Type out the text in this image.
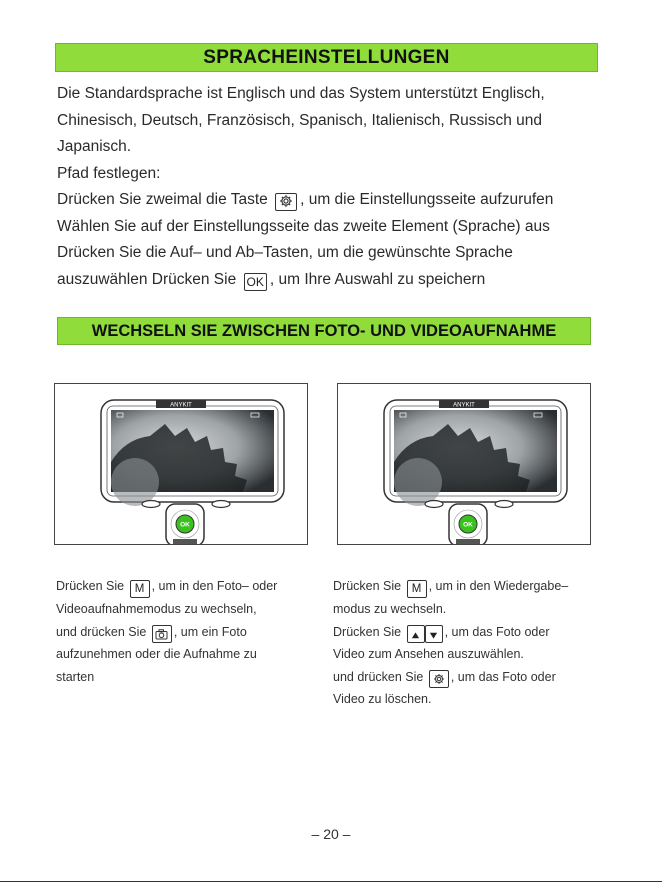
SPRACHEINSTELLUNGEN
Die Standardsprache ist Englisch und das System unterstützt Englisch,
Chinesisch, Deutsch, Französisch, Spanisch, Italienisch, Russisch und
Japanisch.
Pfad festlegen:
Drücken Sie zweimal die Taste , um die Einstellungsseite aufzurufen
Wählen Sie auf der Einstellungsseite das zweite Element (Sprache) aus
Drücken Sie die Auf– und Ab–Tasten, um die gewünschte Sprache
auszuwählen Drücken Sie OK , um Ihre Auswahl zu speichern
WECHSELN SIE ZWISCHEN FOTO- UND VIDEOAUFNAHME
ANYKIT
OK
ANYKIT
OK
Drücken Sie M , um in den Foto– oder
Videoaufnahmemodus zu wechseln,
und drücken Sie , um ein Foto
aufzunehmen oder die Aufnahme zu
starten
Drücken Sie M , um in den Wiedergabe–
modus zu wechseln.
Drücken Sie	, um das Foto oder
Video zum Ansehen auszuwählen.
und drücken Sie , um das Foto oder
Video zu löschen.
– 20 –
